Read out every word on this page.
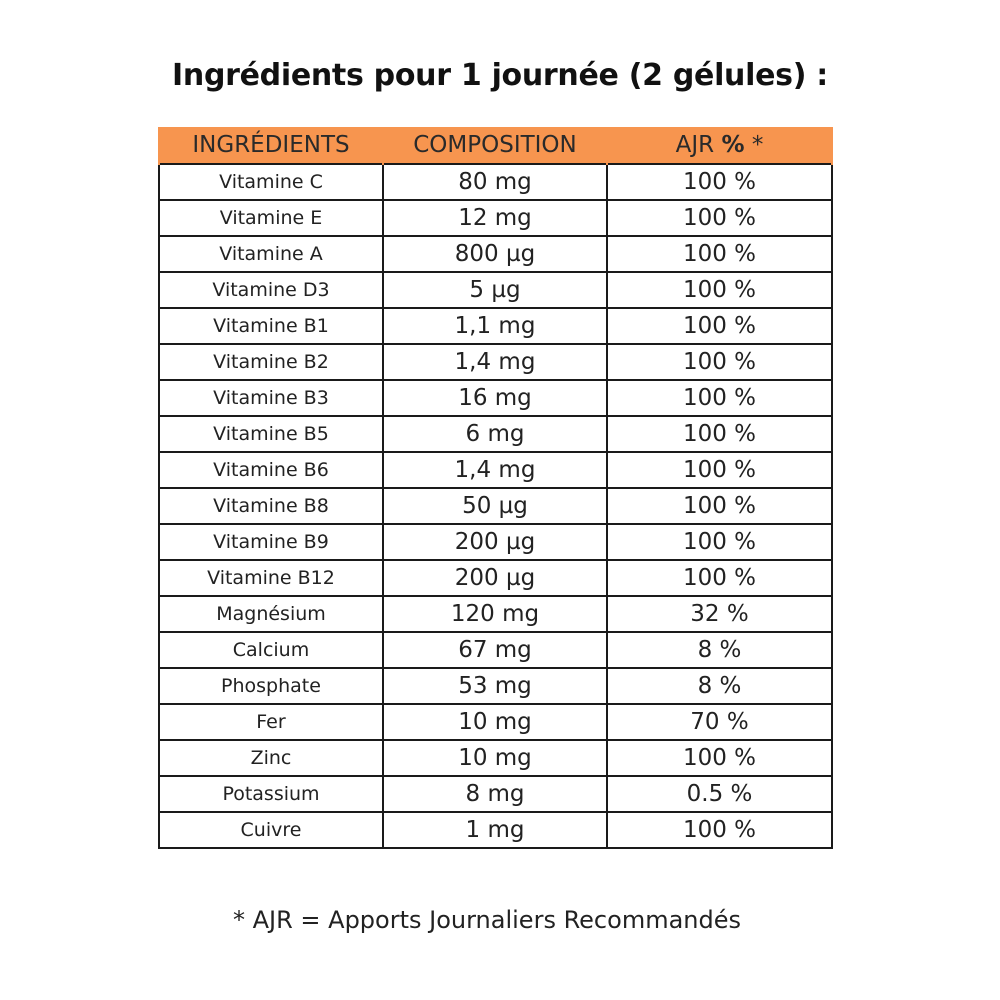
Ingrédients pour 1 journée (2 gélules) :
INGRÉDIENTS	COMPOSITION	AJR % *
Vitamine C	80 mg	100 %
Vitamine E	12 mg	100 %
Vitamine A	800 µg	100 %
Vitamine D3	5 µg	100 %
Vitamine B1	1,1 mg	100 %
Vitamine B2	1,4 mg	100 %
Vitamine B3	16 mg	100 %
Vitamine B5	6 mg	100 %
Vitamine B6	1,4 mg	100 %
Vitamine B8	50 µg	100 %
Vitamine B9	200 µg	100 %
Vitamine B12	200 µg	100 %
Magnésium	120 mg	32 %
Calcium	67 mg	8 %
Phosphate	53 mg	8 %
Fer	10 mg	70 %
Zinc	10 mg	100 %
Potassium	8 mg	0.5 %
Cuivre	1 mg	100 %
* AJR = Apports Journaliers Recommandés
